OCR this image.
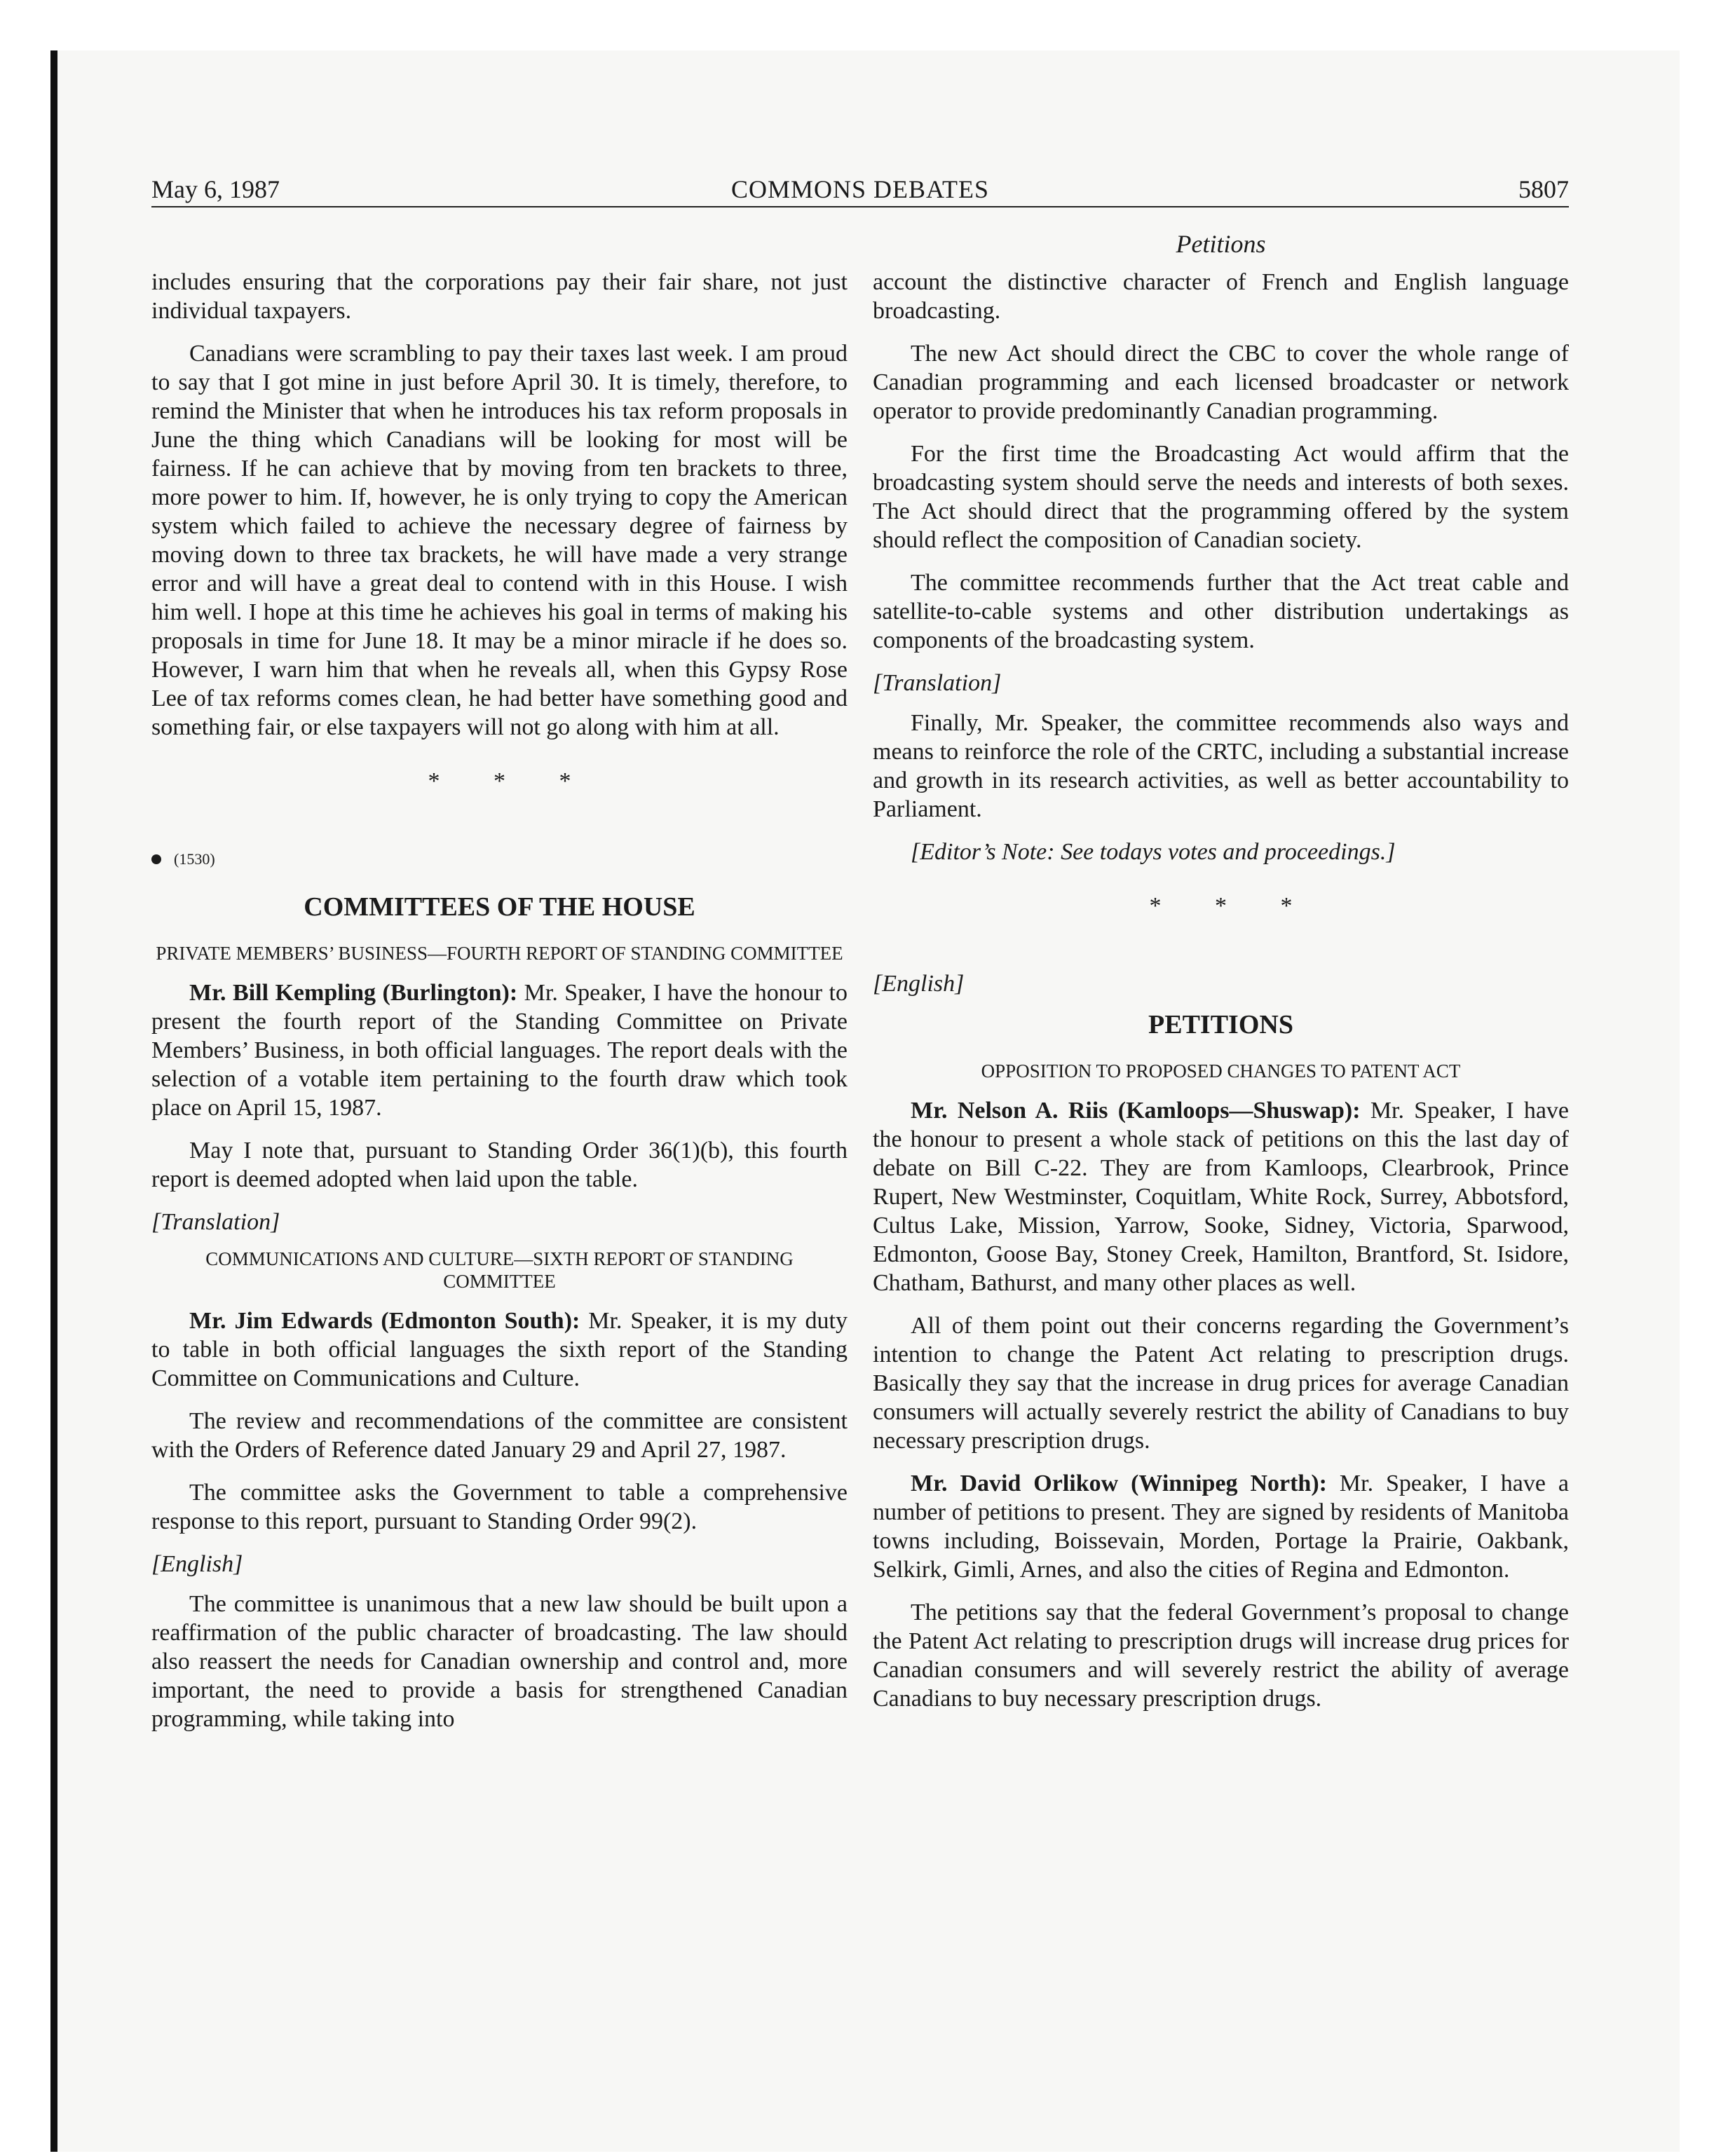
May 6, 1987	COMMONS DEBATES	5807
Petitions

includes ensuring that the corporations pay their fair share, not just individual taxpayers.

Canadians were scrambling to pay their taxes last week. I am proud to say that I got mine in just before April 30. It is timely, therefore, to remind the Minister that when he introduces his tax reform proposals in June the thing which Canadians will be looking for most will be fairness. If he can achieve that by moving from ten brackets to three, more power to him. If, however, he is only trying to copy the American system which failed to achieve the necessary degree of fairness by moving down to three tax brackets, he will have made a very strange error and will have a great deal to contend with in this House. I wish him well. I hope at this time he achieves his goal in terms of making his proposals in time for June 18. It may be a minor miracle if he does so. However, I warn him that when he reveals all, when this Gypsy Rose Lee of tax reforms comes clean, he had better have something good and something fair, or else taxpayers will not go along with him at all.

* * *
(1530)
COMMITTEES OF THE HOUSE
PRIVATE MEMBERS’ BUSINESS—FOURTH REPORT OF STANDING COMMITTEE

Mr. Bill Kempling (Burlington): Mr. Speaker, I have the honour to present the fourth report of the Standing Committee on Private Members’ Business, in both official languages. The report deals with the selection of a votable item pertaining to the fourth draw which took place on April 15, 1987.

May I note that, pursuant to Standing Order 36(1)(b), this fourth report is deemed adopted when laid upon the table.

[Translation]
COMMUNICATIONS AND CULTURE—SIXTH REPORT OF STANDING COMMITTEE

Mr. Jim Edwards (Edmonton South): Mr. Speaker, it is my duty to table in both official languages the sixth report of the Standing Committee on Communications and Culture.

The review and recommendations of the committee are consistent with the Orders of Reference dated January 29 and April 27, 1987.

The committee asks the Government to table a comprehensive response to this report, pursuant to Standing Order 99(2).

[English]

The committee is unanimous that a new law should be built upon a reaffirmation of the public character of broadcasting. The law should also reassert the needs for Canadian ownership and control and, more important, the need to provide a basis for strengthened Canadian programming, while taking into

account the distinctive character of French and English language broadcasting.

The new Act should direct the CBC to cover the whole range of Canadian programming and each licensed broadcaster or network operator to provide predominantly Canadian programming.

For the first time the Broadcasting Act would affirm that the broadcasting system should serve the needs and interests of both sexes. The Act should direct that the programming offered by the system should reflect the composition of Canadian society.

The committee recommends further that the Act treat cable and satellite-to-cable systems and other distribution undertakings as components of the broadcasting system.

[Translation]

Finally, Mr. Speaker, the committee recommends also ways and means to reinforce the role of the CRTC, including a substantial increase and growth in its research activities, as well as better accountability to Parliament.

[Editor’s Note: See todays votes and proceedings.]

* * *
[English]
PETITIONS
OPPOSITION TO PROPOSED CHANGES TO PATENT ACT

Mr. Nelson A. Riis (Kamloops—Shuswap): Mr. Speaker, I have the honour to present a whole stack of petitions on this the last day of debate on Bill C-22. They are from Kamloops, Clearbrook, Prince Rupert, New Westminster, Coquitlam, White Rock, Surrey, Abbotsford, Cultus Lake, Mission, Yarrow, Sooke, Sidney, Victoria, Sparwood, Edmonton, Goose Bay, Stoney Creek, Hamilton, Brantford, St. Isidore, Chatham, Bathurst, and many other places as well.

All of them point out their concerns regarding the Government’s intention to change the Patent Act relating to prescription drugs. Basically they say that the increase in drug prices for average Canadian consumers will actually severely restrict the ability of Canadians to buy necessary prescription drugs.

Mr. David Orlikow (Winnipeg North): Mr. Speaker, I have a number of petitions to present. They are signed by residents of Manitoba towns including, Boissevain, Morden, Portage la Prairie, Oakbank, Selkirk, Gimli, Arnes, and also the cities of Regina and Edmonton.

The petitions say that the federal Government’s proposal to change the Patent Act relating to prescription drugs will increase drug prices for Canadian consumers and will severely restrict the ability of average Canadians to buy necessary prescription drugs.
